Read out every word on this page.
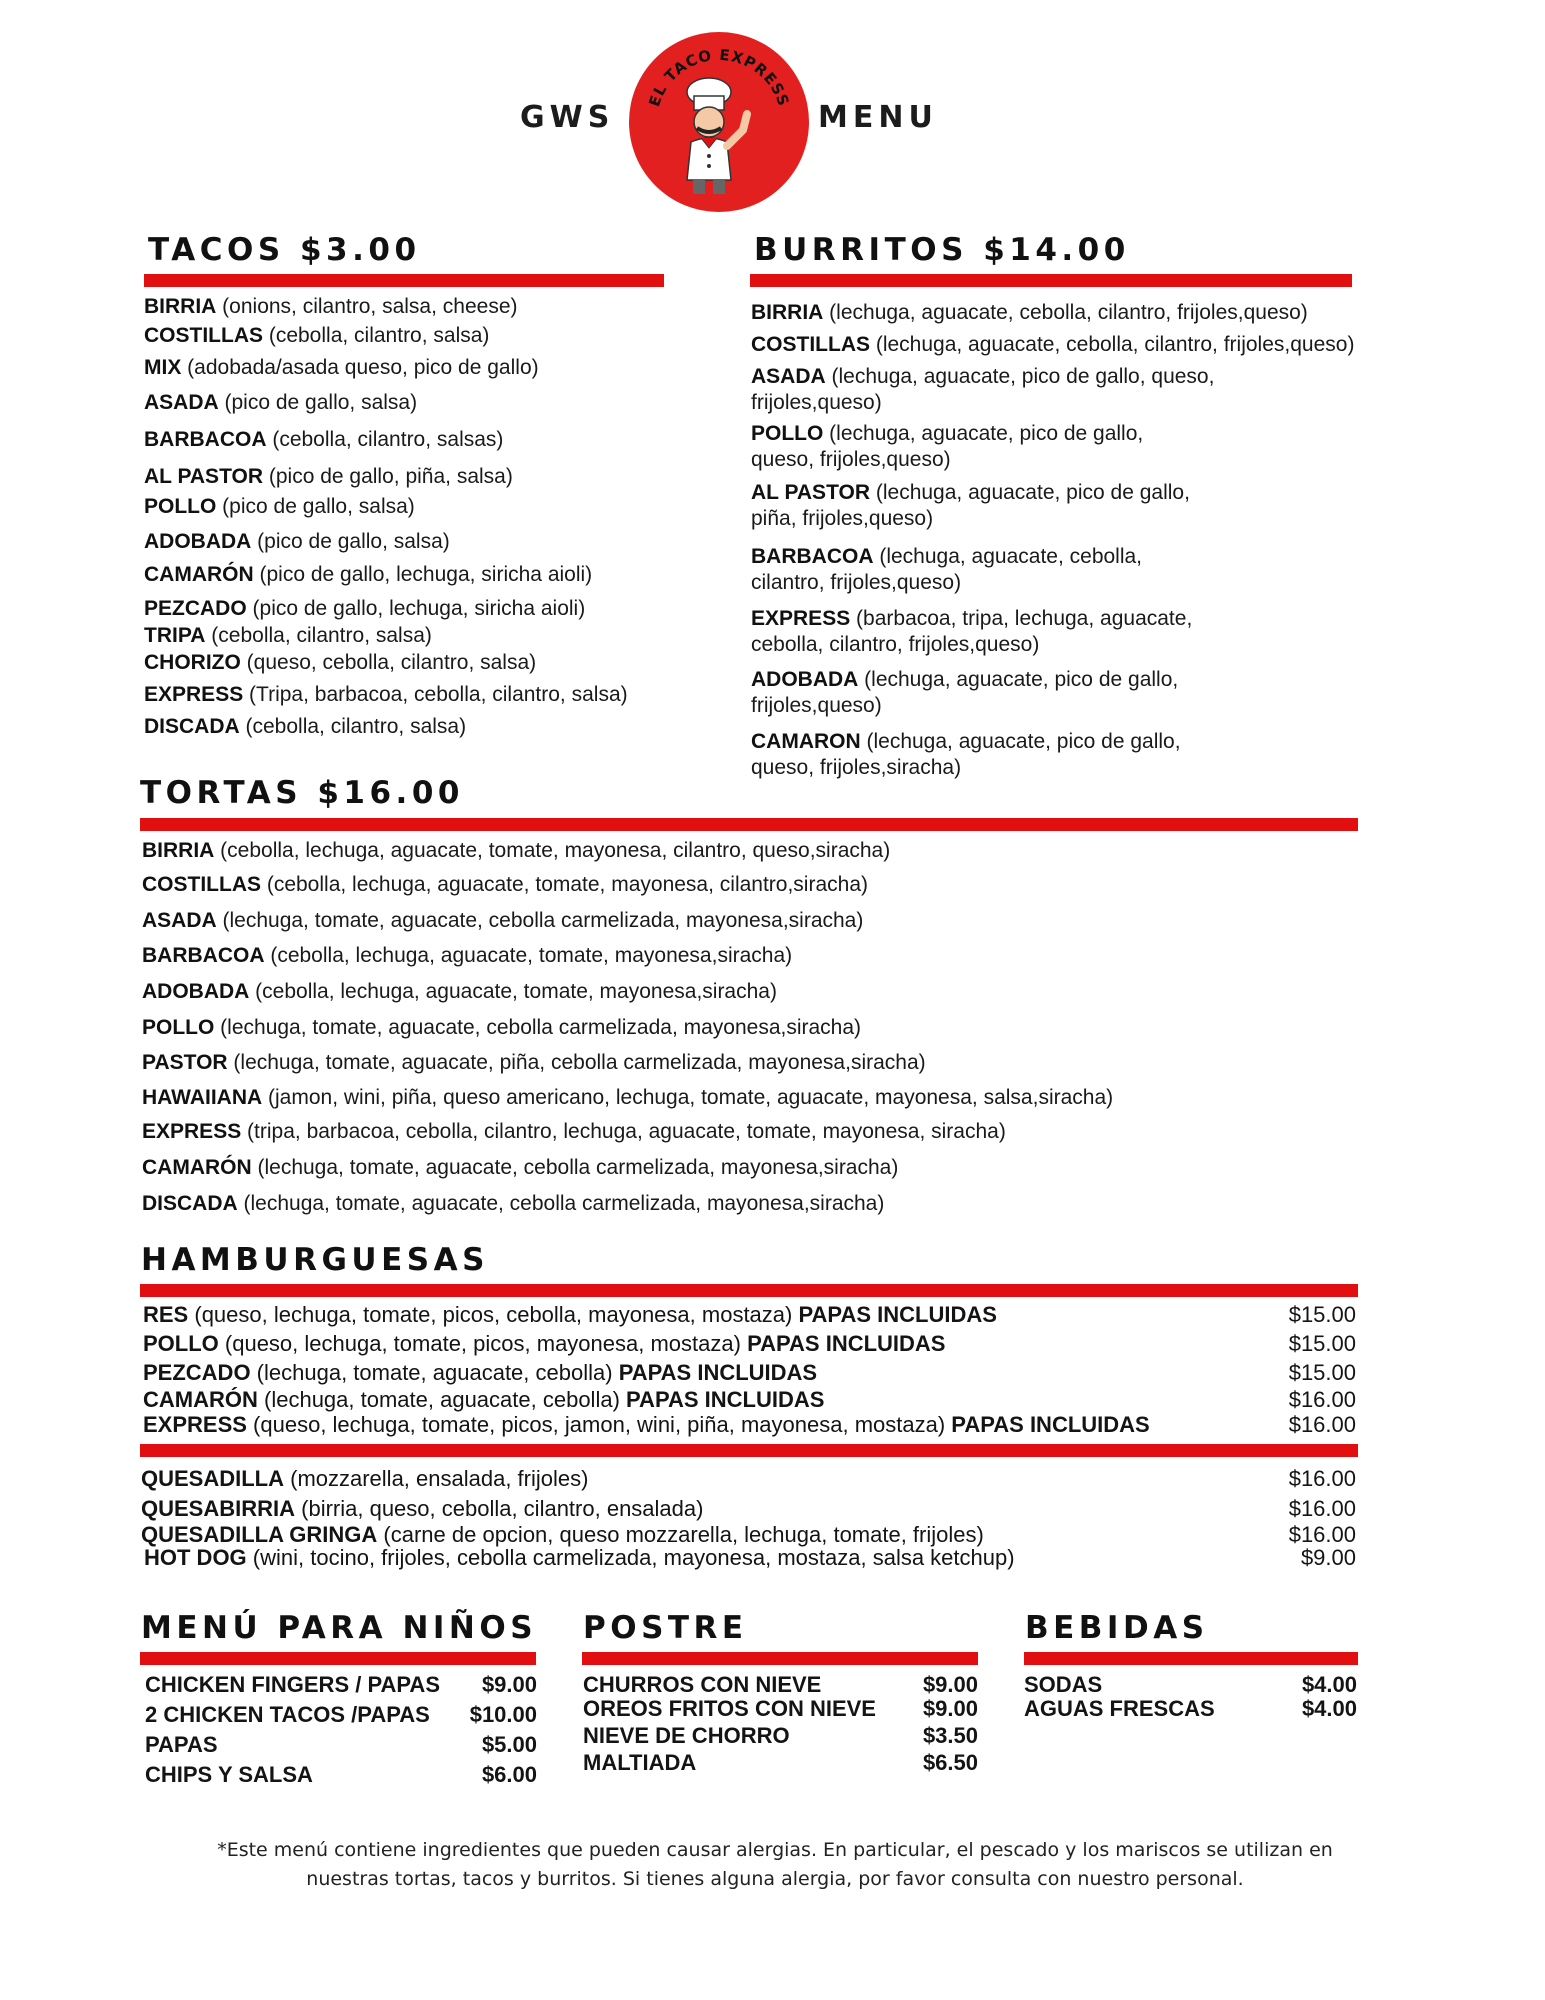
GWS	MENU
EL TACO EXPRESS
TACOS $3.00
BIRRIA (onions, cilantro, salsa, cheese)
COSTILLAS (cebolla, cilantro, salsa)
MIX (adobada/asada queso, pico de gallo)
ASADA (pico de gallo, salsa)
BARBACOA (cebolla, cilantro, salsas)
AL PASTOR (pico de gallo, piña, salsa)
POLLO (pico de gallo, salsa)
ADOBADA (pico de gallo, salsa)
CAMARÓN (pico de gallo, lechuga, siricha aioli)
PEZCADO (pico de gallo, lechuga, siricha aioli)
TRIPA (cebolla, cilantro, salsa)
CHORIZO (queso, cebolla, cilantro, salsa)
EXPRESS (Tripa, barbacoa, cebolla, cilantro, salsa)
DISCADA (cebolla, cilantro, salsa)
BURRITOS $14.00
BIRRIA (lechuga, aguacate, cebolla, cilantro, frijoles,queso)
COSTILLAS (lechuga, aguacate, cebolla, cilantro, frijoles,queso)
ASADA (lechuga, aguacate, pico de gallo, queso, frijoles,queso)
POLLO (lechuga, aguacate, pico de gallo, queso, frijoles,queso)
AL PASTOR (lechuga, aguacate, pico de gallo, piña, frijoles,queso)
BARBACOA (lechuga, aguacate, cebolla, cilantro, frijoles,queso)
EXPRESS (barbacoa, tripa, lechuga, aguacate, cebolla, cilantro, frijoles,queso)
ADOBADA (lechuga, aguacate, pico de gallo, frijoles,queso)
CAMARON (lechuga, aguacate, pico de gallo, queso, frijoles,siracha)
TORTAS $16.00
BIRRIA (cebolla, lechuga, aguacate, tomate, mayonesa, cilantro, queso,siracha)
COSTILLAS (cebolla, lechuga, aguacate, tomate, mayonesa, cilantro,siracha)
ASADA (lechuga, tomate, aguacate, cebolla carmelizada, mayonesa,siracha)
BARBACOA (cebolla, lechuga, aguacate, tomate, mayonesa,siracha)
ADOBADA (cebolla, lechuga, aguacate, tomate, mayonesa,siracha)
POLLO (lechuga, tomate, aguacate, cebolla carmelizada, mayonesa,siracha)
PASTOR (lechuga, tomate, aguacate, piña, cebolla carmelizada, mayonesa,siracha)
HAWAIIANA (jamon, wini, piña, queso americano, lechuga, tomate, aguacate, mayonesa, salsa,siracha)
EXPRESS (tripa, barbacoa, cebolla, cilantro, lechuga, aguacate, tomate, mayonesa, siracha)
CAMARÓN (lechuga, tomate, aguacate, cebolla carmelizada, mayonesa,siracha)
DISCADA (lechuga, tomate, aguacate, cebolla carmelizada, mayonesa,siracha)
HAMBURGUESAS
RES (queso, lechuga, tomate, picos, cebolla, mayonesa, mostaza) PAPAS INCLUIDAS	$15.00
POLLO (queso, lechuga, tomate, picos, mayonesa, mostaza) PAPAS INCLUIDAS	$15.00
PEZCADO (lechuga, tomate, aguacate, cebolla) PAPAS INCLUIDAS	$15.00
CAMARÓN (lechuga, tomate, aguacate, cebolla) PAPAS INCLUIDAS	$16.00
EXPRESS (queso, lechuga, tomate, picos, jamon, wini, piña, mayonesa, mostaza) PAPAS INCLUIDAS	$16.00
QUESADILLA (mozzarella, ensalada, frijoles)	$16.00
QUESABIRRIA (birria, queso, cebolla, cilantro, ensalada)	$16.00
QUESADILLA GRINGA (carne de opcion, queso mozzarella, lechuga, tomate, frijoles)	$16.00
HOT DOG (wini, tocino, frijoles, cebolla carmelizada, mayonesa, mostaza, salsa ketchup)	$9.00
MENÚ PARA NIÑOS
CHICKEN FINGERS / PAPAS $9.00
2 CHICKEN TACOS /PAPAS $10.00
PAPAS	$5.00
CHIPS Y SALSA	$6.00
POSTRE
CHURROS CON NIEVE	$9.00
OREOS FRITOS CON NIEVE $9.00
NIEVE DE CHORRO	$3.50
MALTIADA	$6.50
BEBIDAS
SODAS	$4.00
AGUAS FRESCAS	$4.00
*Este menú contiene ingredientes que pueden causar alergias. En particular, el pescado y los mariscos se utilizan en
nuestras tortas, tacos y burritos. Si tienes alguna alergia, por favor consulta con nuestro personal.
